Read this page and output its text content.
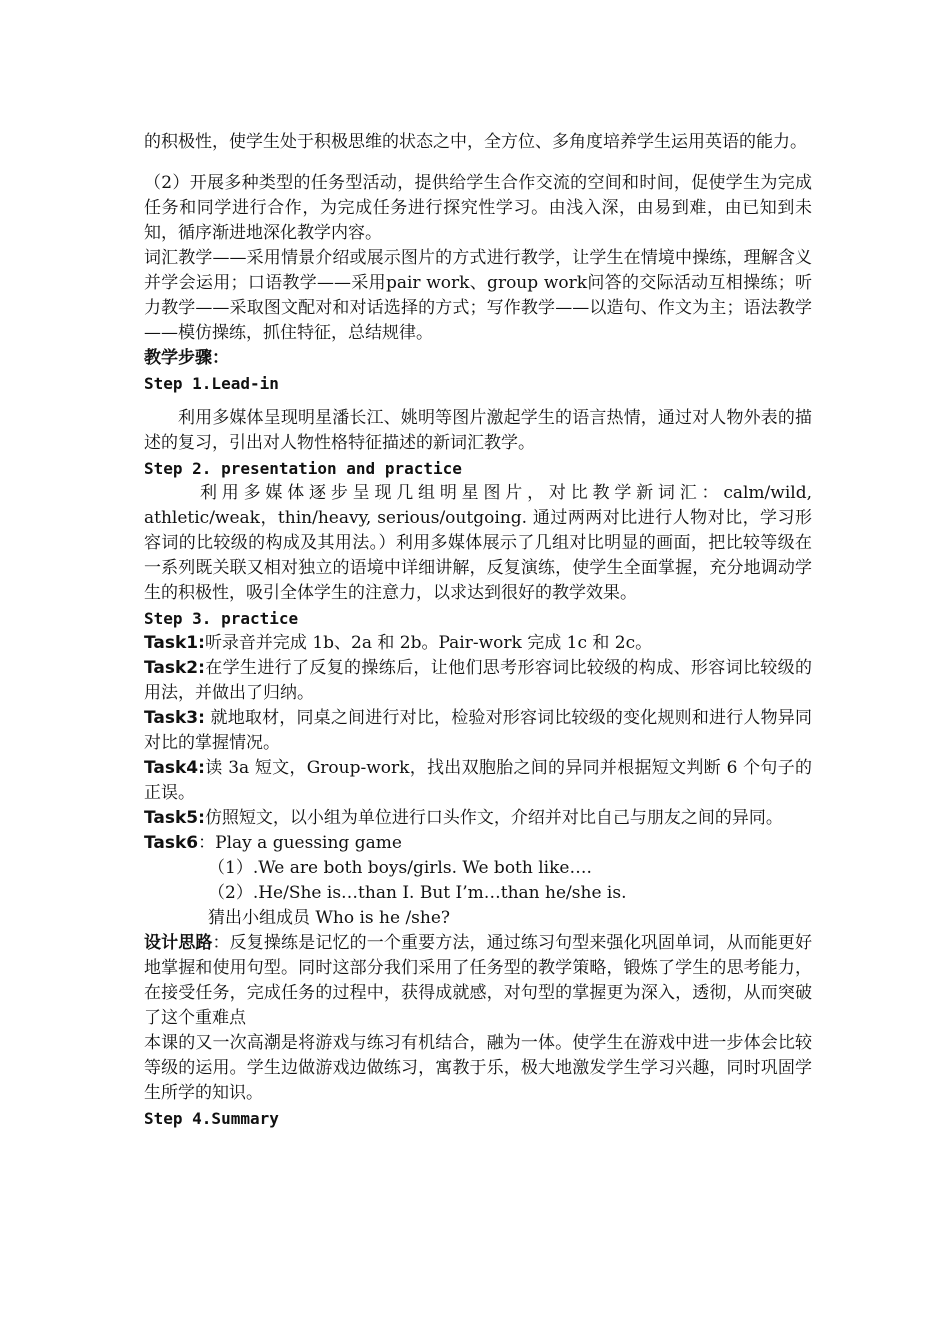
的积极性，使学生处于积极思维的状态之中，全方位、多角度培养学生运用英语的能力。

（2）开展多种类型的任务型活动，提供给学生合作交流的空间和时间，促使学生为完成任务和同学进行合作，为完成任务进行探究性学习。由浅入深，由易到难，由已知到未知，循序渐进地深化教学内容。

词汇教学——采用情景介绍或展示图片的方式进行教学，让学生在情境中操练，理解含义并学会运用；口语教学——采用pair work、group work问答的交际活动互相操练；听力教学——采取图文配对和对话选择的方式；写作教学——以造句、作文为主；语法教学——模仿操练，抓住特征，总结规律。

教学步骤：

Step 1.Lead-in

利用多媒体呈现明星潘长江、姚明等图片激起学生的语言热情，通过对人物外表的描述的复习，引出对人物性格特征描述的新词汇教学。

Step 2. presentation and practice

利用多媒体逐步呈现几组明星图片，对比教学新词汇：calm/wild, athletic/weak，thin/heavy, serious/outgoing. 通过两两对比进行人物对比，学习形容词的比较级的构成及其用法。）利用多媒体展示了几组对比明显的画面，把比较等级在一系列既关联又相对独立的语境中详细讲解，反复演练，使学生全面掌握，充分地调动学生的积极性，吸引全体学生的注意力，以求达到很好的教学效果。

Step 3. practice

Task1:听录音并完成 1b、2a 和 2b。Pair-work 完成 1c 和 2c。

Task2:在学生进行了反复的操练后，让他们思考形容词比较级的构成、形容词比较级的用法，并做出了归纳。

Task3: 就地取材，同桌之间进行对比，检验对形容词比较级的变化规则和进行人物异同对比的掌握情况。

Task4:读 3a 短文，Group-work，找出双胞胎之间的异同并根据短文判断 6 个句子的正误。

Task5:仿照短文，以小组为单位进行口头作文，介绍并对比自己与朋友之间的异同。

Task6：Play a guessing game

（1）.We are both boys/girls. We both like….

（2）.He/She is…than I. But I’m…than he/she is.

猜出小组成员 Who is he /she?

设计思路：反复操练是记忆的一个重要方法，通过练习句型来强化巩固单词，从而能更好地掌握和使用句型。同时这部分我们采用了任务型的教学策略，锻炼了学生的思考能力，在接受任务，完成任务的过程中，获得成就感，对句型的掌握更为深入，透彻，从而突破了这个重难点

本课的又一次高潮是将游戏与练习有机结合，融为一体。使学生在游戏中进一步体会比较等级的运用。学生边做游戏边做练习，寓教于乐，极大地激发学生学习兴趣，同时巩固学生所学的知识。

Step 4.Summary
